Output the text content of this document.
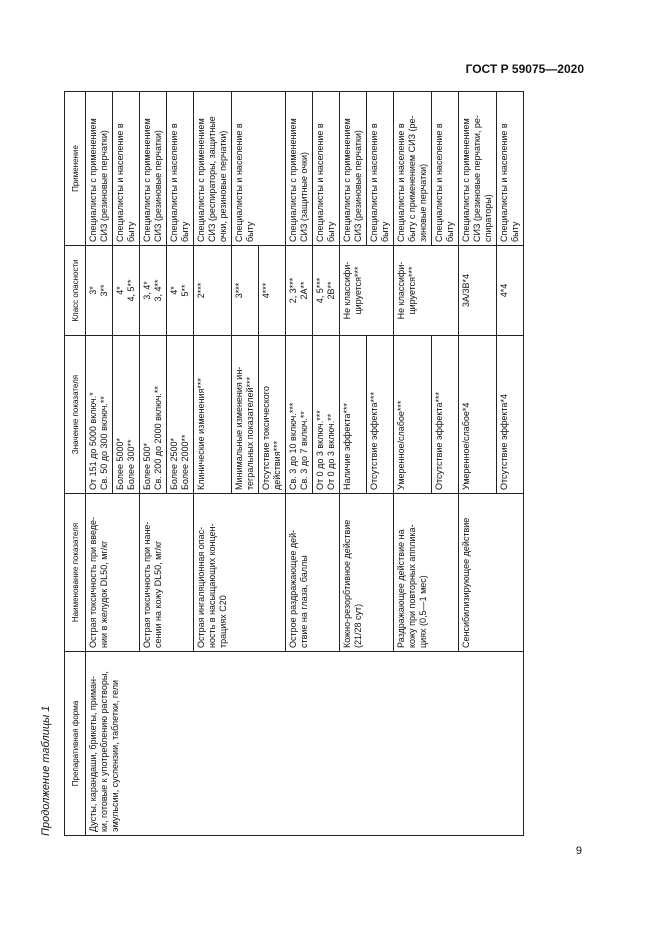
ГОСТ Р 59075—2020
Продолжение таблицы 1 Препаративная форма	Наименование показателя	Значение показателя	Класс опасности	Применение
Дусты, карандаши, брикеты, приман-
ки, готовые к употреблению растворы,
эмульсии, суспензии, таблетки, гели	Острая токсичность при введе-
нии в желудок DL50, мг/кг	От 151 до 5000 включ.*
Св. 50 до 300 включ.**	3*
3**	Специалисты с применением
СИЗ (резиновые перчатки)
		Более 5000*
Более 300**	4*
4, 5**	Специалисты и население в
быту
	Острая токсичность при нане-
сении на кожу DL50, мг/кг	Более 500*
Св. 200 до 2000 включ.**	3, 4*
3, 4**	Специалисты с применением
СИЗ (резиновые перчатки)
		Более 2500*
Более 2000**	4*
5**	Специалисты и население в
быту
	Острая ингаляционная опас-
ность в насыщающих концен-
трациях C20	Клинические изменения***	2***	Специалисты с применением
СИЗ (респираторы, защитные
очки, резиновые перчатки)
		Минимальные изменения ин-
тегральных показателей***	3***	Специалисты и население в
быту
		Отсутствие токсического
действия***	4***	
	Острое раздражающее дей-
ствие на глаза, баллы	Св. 3 до 10 включ.***
Св. 3 до 7 включ.**	2, 3***
2A**	Специалисты с применением
СИЗ (защитные очки)
		От 0 до 3 включ.***
От 0 до 3 включ.**	4, 5***
2B**	Специалисты и население в
быту
	Кожно-резорбтивное действие
(21/28 сут)	Наличие эффекта***	Не классифи-
цируется***	Специалисты с применением
СИЗ (резиновые перчатки)
		Отсутствие эффекта***		Специалисты и население в
быту
	Раздражающее действие на
кожу при повторных апплика-
циях (0,5—1 мес)	Умеренное/слабое***	Не классифи-
цируется***	Специалисты и население в
быту с применением СИЗ (ре-
зиновые перчатки)
		Отсутствие эффекта***		Специалисты и население в
быту
	Сенсибилизирующее действие	Умеренное/слабое*4	3A/3B*4	Специалисты с применением
СИЗ (резиновые перчатки, ре-
спираторы)
		Отсутствие эффекта*4	4*4	Специалисты и население в
быту
9
